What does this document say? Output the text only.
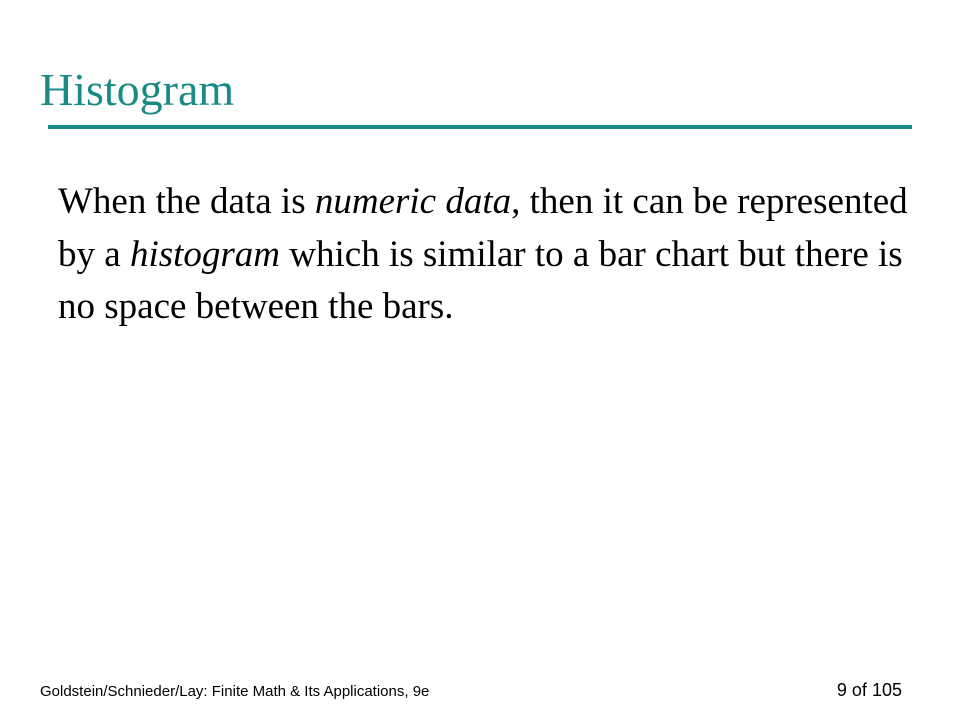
Histogram

When the data is numeric data, then it can be represented by a histogram which is similar to a bar chart but there is no space between the bars.

Goldstein/Schnieder/Lay: Finite Math & Its Applications, 9e	9 of 105
